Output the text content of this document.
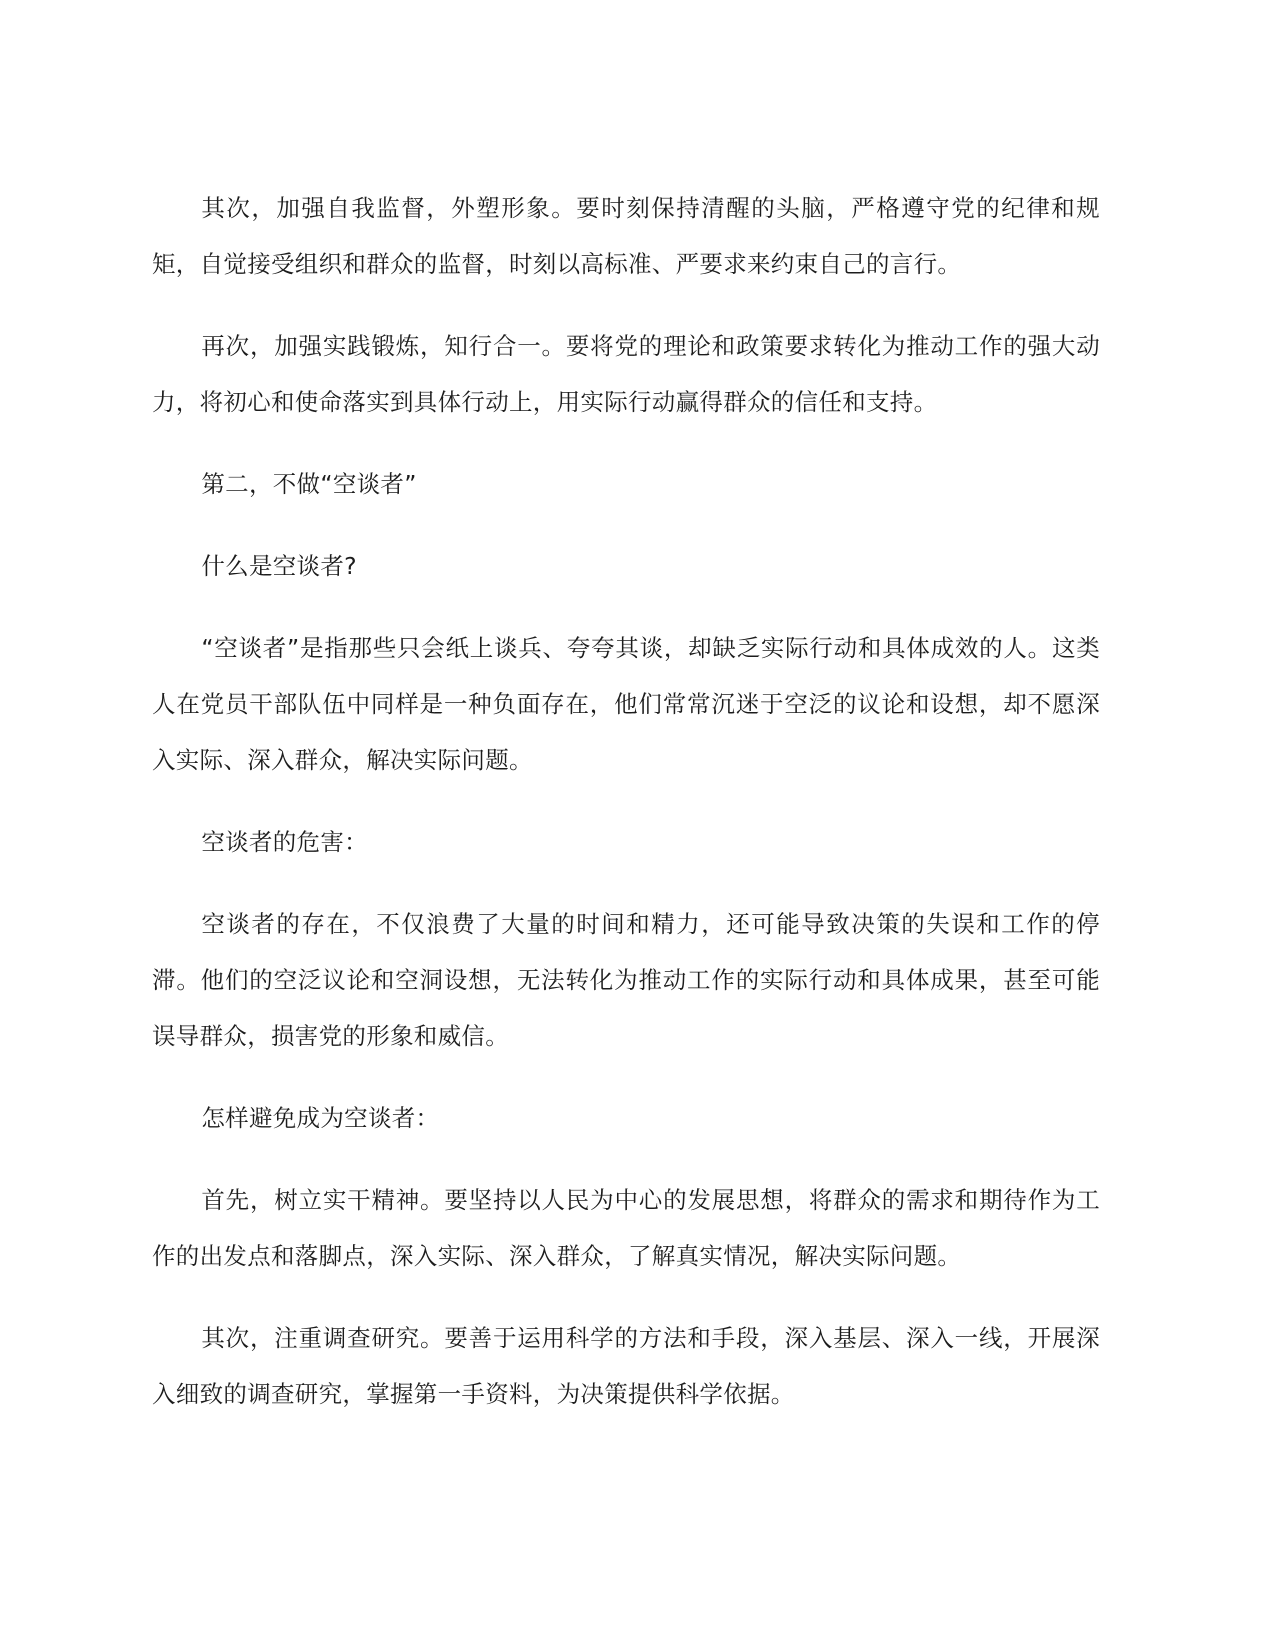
其次，加强自我监督，外塑形象。要时刻保持清醒的头脑，严格遵守党的纪律和规矩，自觉接受组织和群众的监督，时刻以高标准、严要求来约束自己的言行。

再次，加强实践锻炼，知行合一。要将党的理论和政策要求转化为推动工作的强大动力，将初心和使命落实到具体行动上，用实际行动赢得群众的信任和支持。

第二，不做“空谈者”

什么是空谈者?

“空谈者”是指那些只会纸上谈兵、夸夸其谈，却缺乏实际行动和具体成效的人。这类人在党员干部队伍中同样是一种负面存在，他们常常沉迷于空泛的议论和设想，却不愿深入实际、深入群众，解决实际问题。

空谈者的危害：

空谈者的存在，不仅浪费了大量的时间和精力，还可能导致决策的失误和工作的停滞。他们的空泛议论和空洞设想，无法转化为推动工作的实际行动和具体成果，甚至可能误导群众，损害党的形象和威信。

怎样避免成为空谈者：

首先，树立实干精神。要坚持以人民为中心的发展思想，将群众的需求和期待作为工作的出发点和落脚点，深入实际、深入群众，了解真实情况，解决实际问题。

其次，注重调查研究。要善于运用科学的方法和手段，深入基层、深入一线，开展深入细致的调查研究，掌握第一手资料，为决策提供科学依据。
